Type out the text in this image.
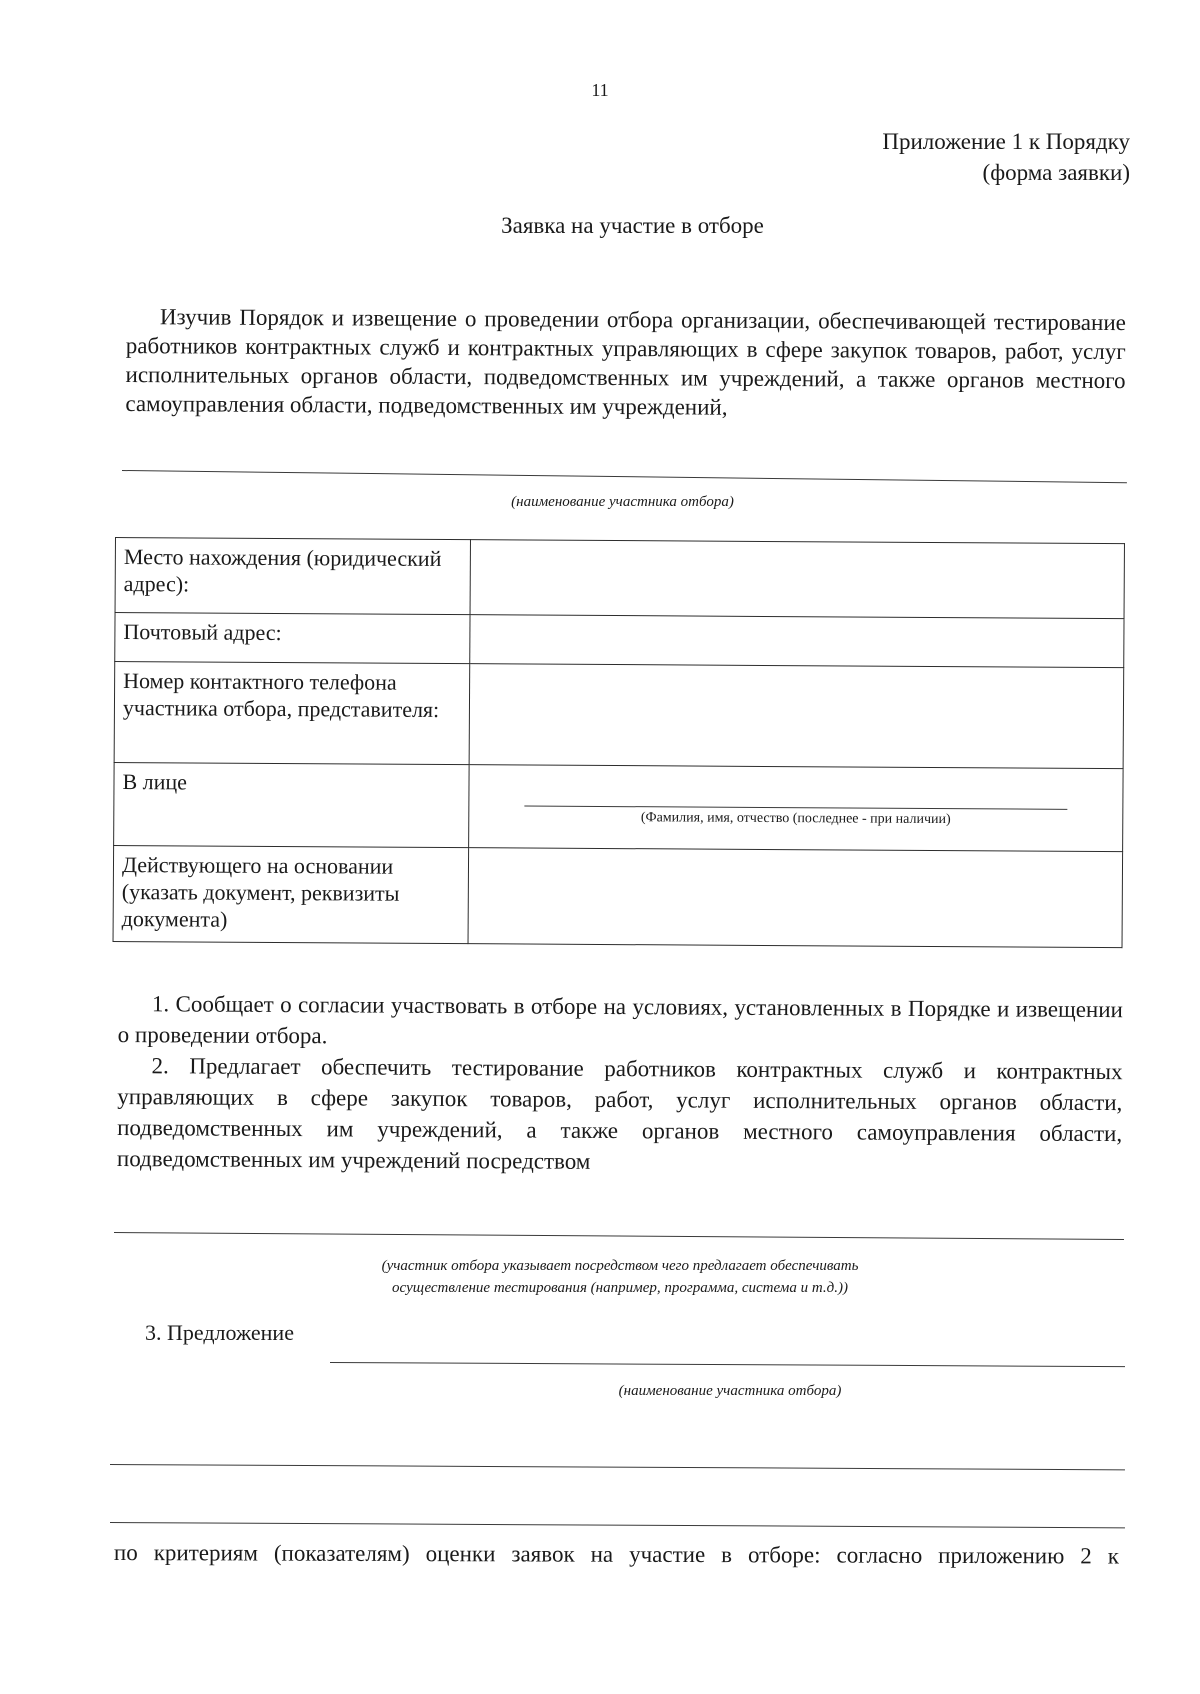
11
Приложение 1 к Порядку
(форма заявки)
Заявка на участие в отборе

Изучив Порядок и извещение о проведении отбора организации, обеспечивающей тестирование работников контрактных служб и контрактных управляющих в сфере закупок товаров, работ, услуг исполнительных органов области, подведомственных им учреждений, а также органов местного самоуправления области, подведомственных им учреждений,

(наименование участника отбора)
Место нахождения (юридический адрес):	
Почтовый адрес:	
Номер контактного телефона участника отбора, представителя:	
В лице	(Фамилия, имя, отчество (последнее - при наличии)

Действующего на основании (указать документ, реквизиты документа)	

1. Сообщает о согласии участвовать в отборе на условиях, установленных в Порядке и извещении о проведении отбора.

2. Предлагает обеспечить тестирование работников контрактных служб и контрактных управляющих в сфере закупок товаров, работ, услуг исполнительных органов области, подведомственных им учреждений, а также органов местного самоуправления области, подведомственных им учреждений посредством

(участник отбора указывает посредством чего предлагает обеспечивать
осуществление тестирования (например, программа, система и т.д.))
3. Предложение
(наименование участника отбора)
по критериям (показателям) оценки заявок на участие в отборе: согласно приложению 2 к
